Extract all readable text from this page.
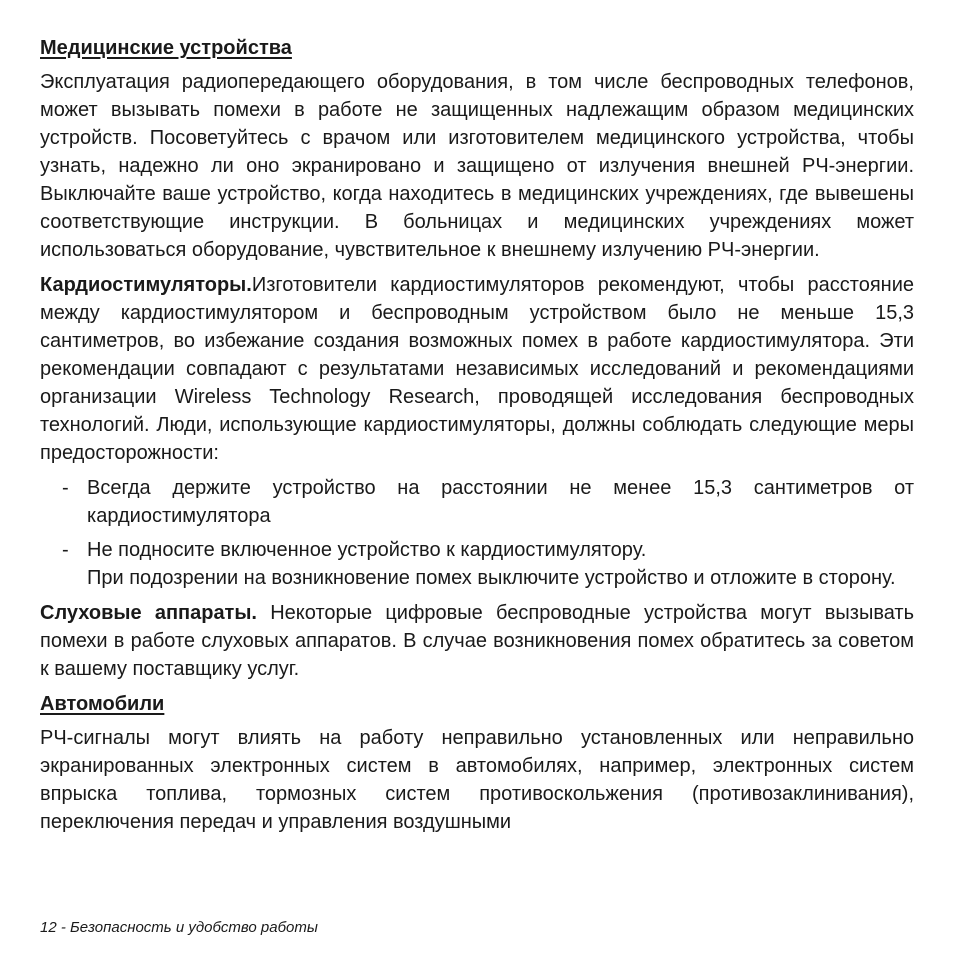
Медицинские устройства

Эксплуатация радиопередающего оборудования, в том числе беспроводных телефонов, может вызывать помехи в работе не защищенных надлежащим образом медицинских устройств. Посоветуйтесь с врачом или изготовителем медицинского устройства, чтобы узнать, надежно ли оно экранировано и защищено от излучения внешней РЧ-энергии. Выключайте ваше устройство, когда находитесь в медицинских учреждениях, где вывешены соответствующие инструкции. В больницах и медицинских учреждениях может использоваться оборудование, чувствительное к внешнему излучению РЧ-энергии.

Кардиостимуляторы.Изготовители кардиостимуляторов рекомендуют, чтобы расстояние между кардиостимулятором и беспроводным устройством было не меньше 15,3 сантиметров, во избежание создания возможных помех в работе кардиостимулятора. Эти рекомендации совпадают с результатами независимых исследований и рекомендациями организации Wireless Technology Research, проводящей исследования беспроводных технологий. Люди, использующие кардиостимуляторы, должны соблюдать следующие меры предосторожности:

- Всегда держите устройство на расстоянии не менее 15,3 сантиметров от кардиостимулятора
- Не подносите включенное устройство к кардиостимулятору.
При подозрении на возникновение помех выключите устройство и отложите в сторону.

Слуховые аппараты. Некоторые цифровые беспроводные устройства могут вызывать помехи в работе слуховых аппаратов. В случае возникновения помех обратитесь за советом к вашему поставщику услуг.

Автомобили

РЧ-сигналы могут влиять на работу неправильно установленных или неправильно экранированных электронных систем в автомобилях, например, электронных систем впрыска топлива, тормозных систем противоскольжения (противозаклинивания), переключения передач и управления воздушными

12 - Безопасность и удобство работы
